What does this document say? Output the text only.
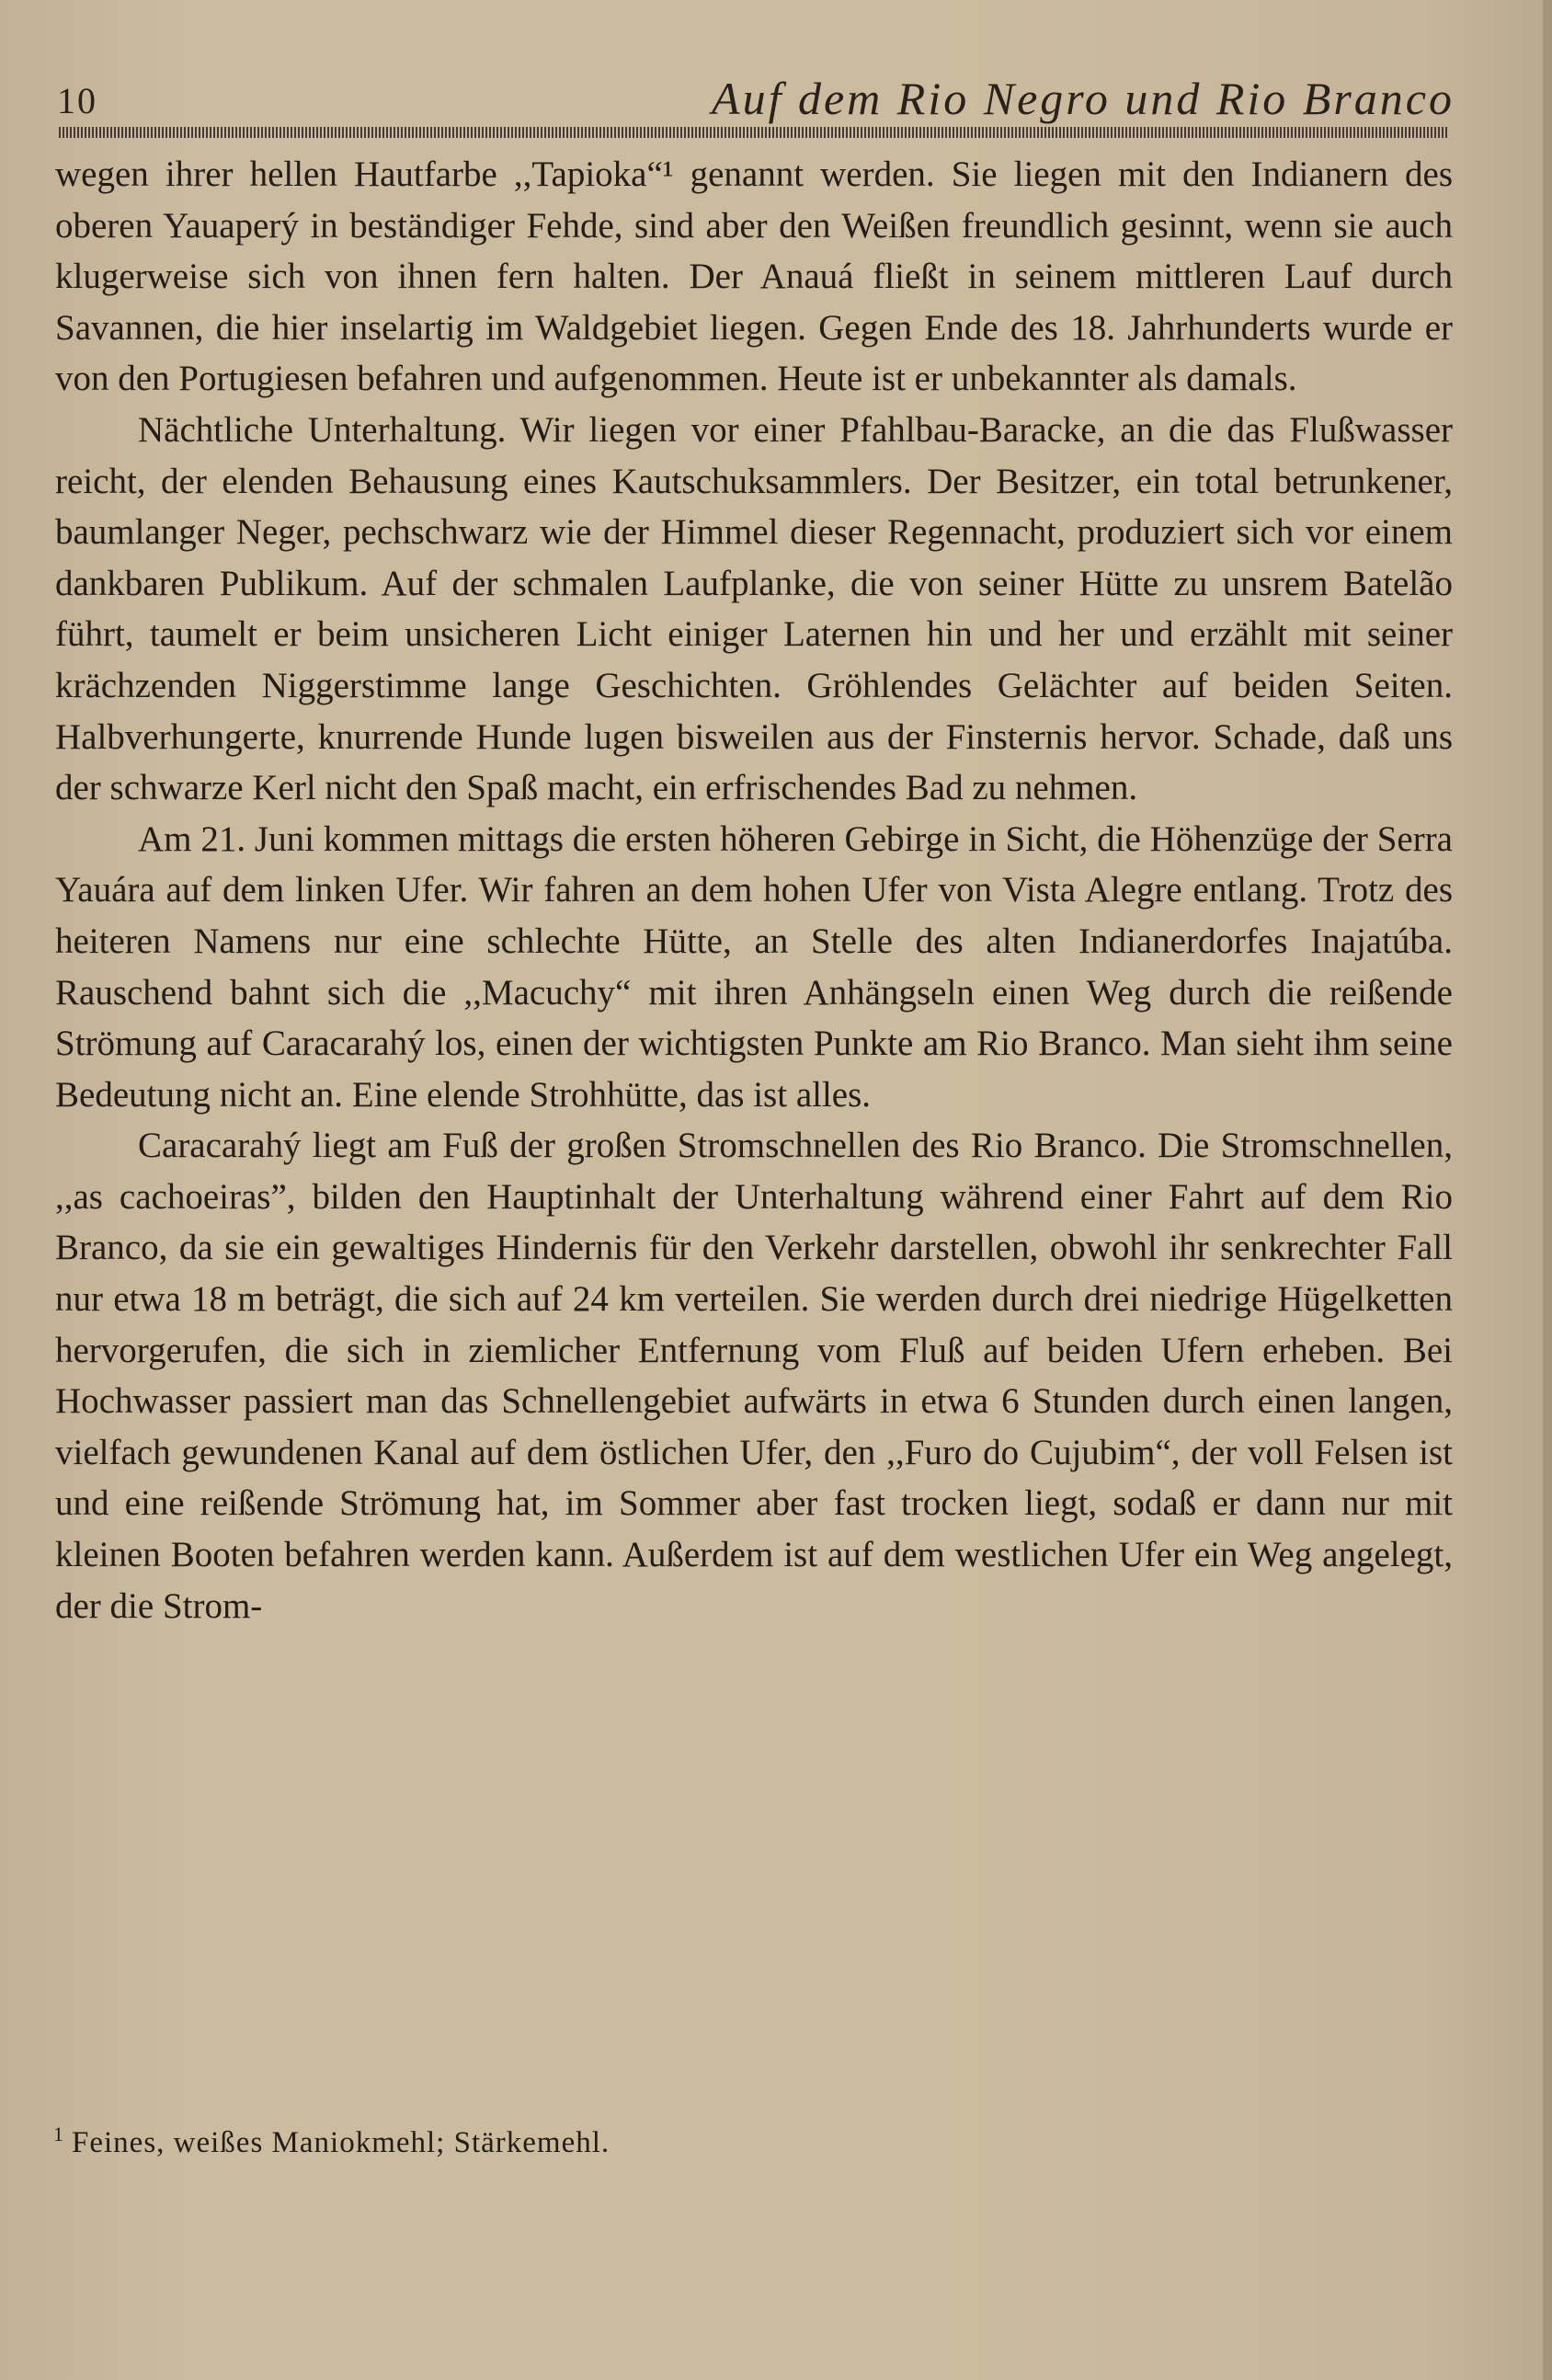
10	Auf dem Rio Negro und Rio Branco

wegen ihrer hellen Hautfarbe ,,Tapioka“¹ genannt werden. Sie liegen mit den Indianern des oberen Yauaperý in beständiger Fehde, sind aber den Weißen freundlich gesinnt, wenn sie auch klugerweise sich von ihnen fern halten. Der Anauá fließt in seinem mittleren Lauf durch Savannen, die hier inselartig im Waldgebiet liegen. Gegen Ende des 18. Jahrhunderts wurde er von den Portugiesen befahren und aufgenommen. Heute ist er unbekannter als damals.

Nächtliche Unterhaltung. Wir liegen vor einer Pfahlbau-Baracke, an die das Flußwasser reicht, der elenden Behausung eines Kautschuksammlers. Der Besitzer, ein total betrunkener, baumlanger Neger, pechschwarz wie der Himmel dieser Regennacht, produziert sich vor einem dankbaren Publikum. Auf der schmalen Laufplanke, die von seiner Hütte zu unsrem Batelão führt, taumelt er beim unsicheren Licht einiger Laternen hin und her und erzählt mit seiner krächzenden Niggerstimme lange Geschichten. Gröhlendes Gelächter auf beiden Seiten. Halbverhungerte, knurrende Hunde lugen bisweilen aus der Finsternis hervor. Schade, daß uns der schwarze Kerl nicht den Spaß macht, ein erfrischendes Bad zu nehmen.

Am 21. Juni kommen mittags die ersten höheren Gebirge in Sicht, die Höhenzüge der Serra Yauára auf dem linken Ufer. Wir fahren an dem hohen Ufer von Vista Alegre entlang. Trotz des heiteren Namens nur eine schlechte Hütte, an Stelle des alten Indianerdorfes Inajatúba. Rauschend bahnt sich die ,,Macuchy“ mit ihren Anhängseln einen Weg durch die reißende Strömung auf Caracarahý los, einen der wichtigsten Punkte am Rio Branco. Man sieht ihm seine Bedeutung nicht an. Eine elende Strohhütte, das ist alles.

Caracarahý liegt am Fuß der großen Stromschnellen des Rio Branco. Die Stromschnellen, ,,as cachoeiras”, bilden den Hauptinhalt der Unterhaltung während einer Fahrt auf dem Rio Branco, da sie ein gewaltiges Hindernis für den Verkehr darstellen, obwohl ihr senkrechter Fall nur etwa 18 m beträgt, die sich auf 24 km verteilen. Sie werden durch drei niedrige Hügelketten hervorgerufen, die sich in ziemlicher Entfernung vom Fluß auf beiden Ufern erheben. Bei Hochwasser passiert man das Schnellengebiet aufwärts in etwa 6 Stunden durch einen langen, vielfach gewundenen Kanal auf dem östlichen Ufer, den ,,Furo do Cujubim“, der voll Felsen ist und eine reißende Strömung hat, im Sommer aber fast trocken liegt, sodaß er dann nur mit kleinen Booten befahren werden kann. Außerdem ist auf dem westlichen Ufer ein Weg angelegt, der die Strom-

$^1$ Feines, weißes Maniokmehl; Stärkemehl.
